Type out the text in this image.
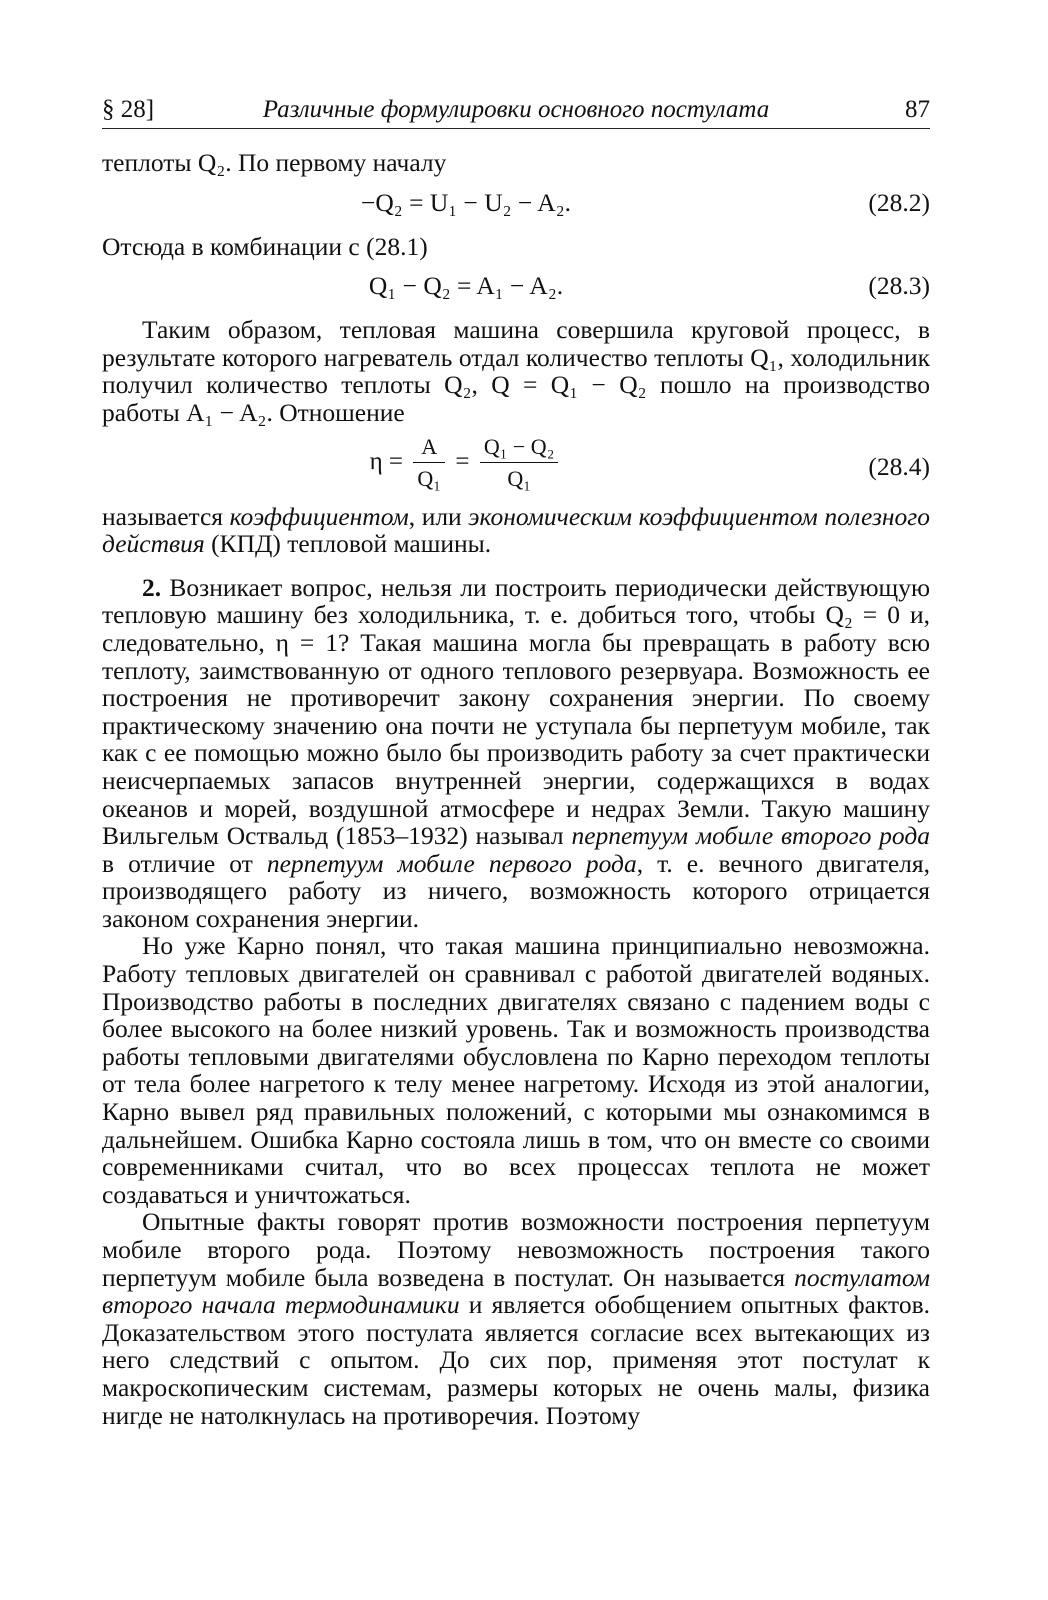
§ 28]	Различные формулировки основного постулата	87

теплоты Q₂. По первому началу

−Q₂ = U₁ − U₂ − A₂.	(28.2)

Отсюда в комбинации с (28.1)

Q₁ − Q₂ = A₁ − A₂.	(28.3)

Таким образом, тепловая машина совершила круговой процесс, в результате которого нагреватель отдал количество теплоты Q₁, холодильник получил количество теплоты Q₂, Q = Q₁ − Q₂ пошло на производство работы A₁ − A₂. Отношение

$\eta = \frac{A}{\text{Q₁}} = \frac{\text{Q₁ − Q₂}}{\text{Q₁}}$	(28.4)

называется коэффициентом, или экономическим коэффициентом полезного действия (КПД) тепловой машины.

2. Возникает вопрос, нельзя ли построить периодически действующую тепловую машину без холодильника, т. е. добиться того, чтобы Q₂ = 0 и, следовательно, η = 1? Такая машина могла бы превращать в работу всю теплоту, заимствованную от одного теплового резервуара. Возможность ее построения не противоречит закону сохранения энергии. По своему практическому значению она почти не уступала бы перпетуум мобиле, так как с ее помощью можно было бы производить работу за счет практически неисчерпаемых запасов внутренней энергии, содержащихся в водах океанов и морей, воздушной атмосфере и недрах Земли. Такую машину Вильгельм Оствальд (1853–1932) называл перпетуум мобиле второго рода в отличие от перпетуум мобиле первого рода, т. е. вечного двигателя, производящего работу из ничего, возможность которого отрицается законом сохранения энергии.

Но уже Карно понял, что такая машина принципиально невозможна. Работу тепловых двигателей он сравнивал с работой двигателей водяных. Производство работы в последних двигателях связано с падением воды с более высокого на более низкий уровень. Так и возможность производства работы тепловыми двигателями обусловлена по Карно переходом теплоты от тела более нагретого к телу менее нагретому. Исходя из этой аналогии, Карно вывел ряд правильных положений, с которыми мы ознакомимся в дальнейшем. Ошибка Карно состояла лишь в том, что он вместе со своими современниками считал, что во всех процессах теплота не может создаваться и уничтожаться.

Опытные факты говорят против возможности построения перпетуум мобиле второго рода. Поэтому невозможность построения такого перпетуум мобиле была возведена в постулат. Он называется постулатом второго начала термодинамики и является обобщением опытных фактов. Доказательством этого постулата является согласие всех вытекающих из него следствий с опытом. До сих пор, применяя этот постулат к макроскопическим системам, размеры которых не очень малы, физика нигде не натолкнулась на противоречия. Поэтому
